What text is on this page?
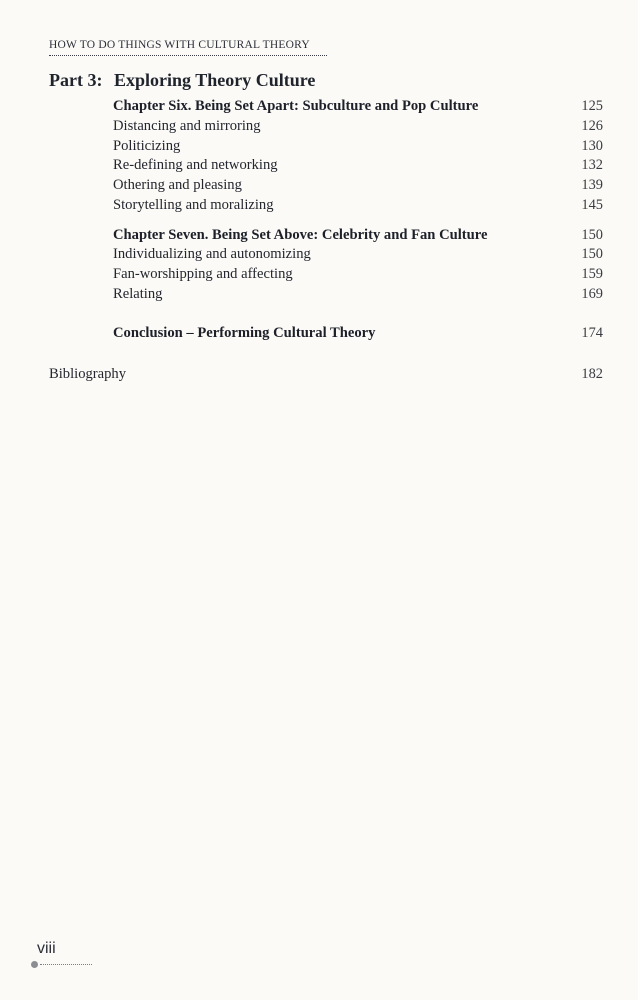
HOW TO DO THINGS WITH CULTURAL THEORY
Part 3: Exploring Theory Culture
Chapter Six. Being Set Apart: Subculture and Pop Culture	125
Distancing and mirroring	126
Politicizing	130
Re-defining and networking	132
Othering and pleasing	139
Storytelling and moralizing	145
Chapter Seven. Being Set Above: Celebrity and Fan Culture	150
Individualizing and autonomizing	150
Fan-worshipping and affecting	159
Relating	169
Conclusion – Performing Cultural Theory	174
Bibliography	182
viii
